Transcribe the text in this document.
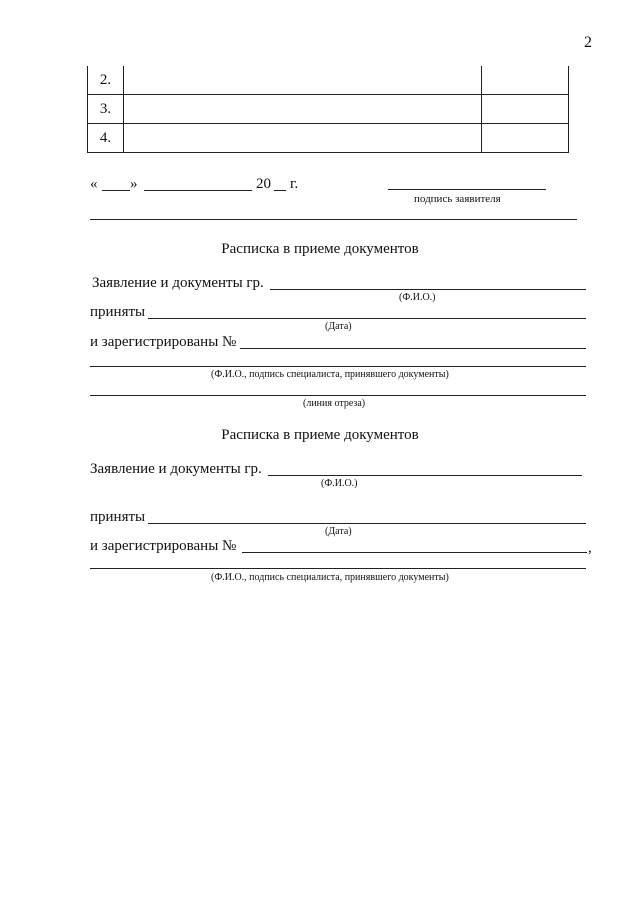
2
2.		
3.		
4.		
« »	20 г.
подпись заявителя
Расписка в приеме документов
Заявление и документы гр.
(Ф.И.О.)
приняты
(Дата)
и зарегистрированы №
(Ф.И.О., подпись специалиста, принявшего документы)
(линия отреза)
Расписка в приеме документов
Заявление и документы гр.
(Ф.И.О.)
приняты
(Дата)
и зарегистрированы №	,
(Ф.И.О., подпись специалиста, принявшего документы)
